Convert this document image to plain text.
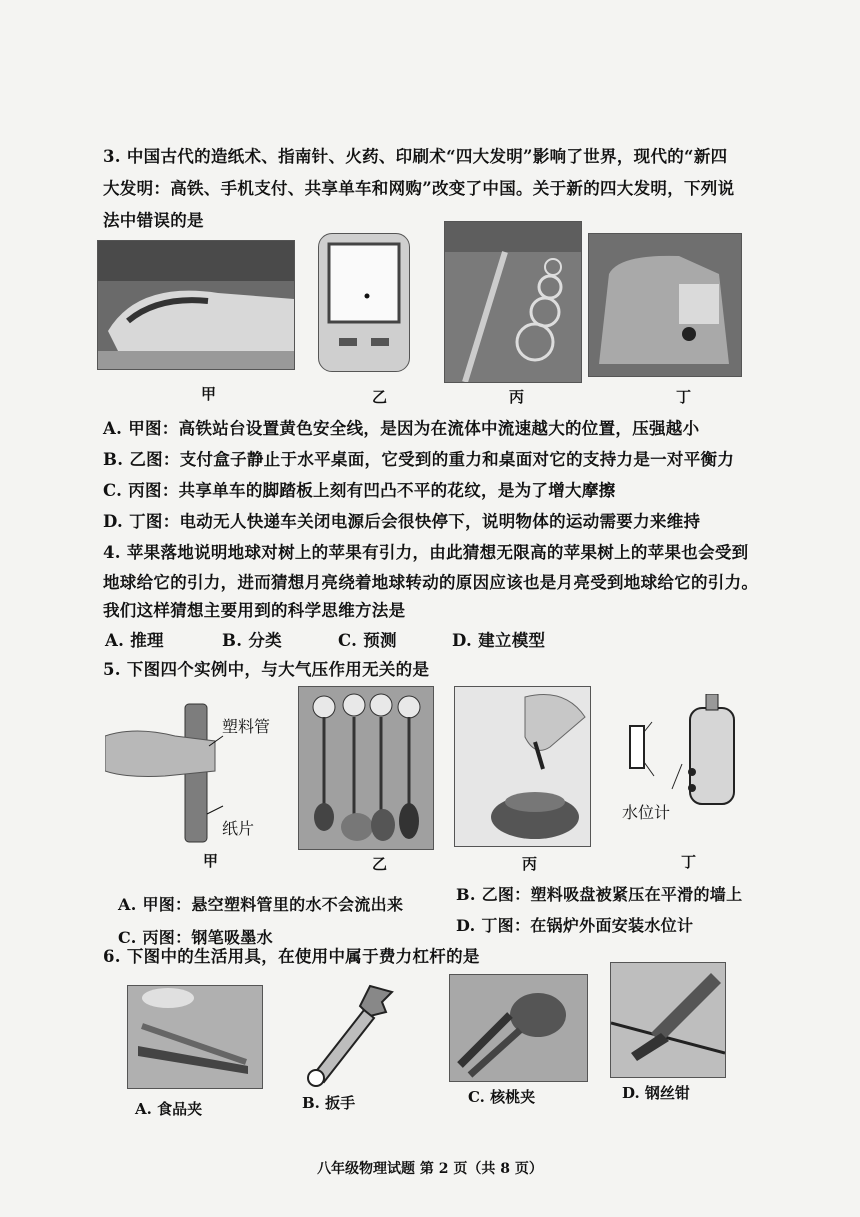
3. 中国古代的造纸术、指南针、火药、印刷术“四大发明”影响了世界，现代的“新四
大发明：高铁、手机支付、共享单车和网购”改变了中国。关于新的四大发明，下列说
法中错误的是
甲	乙	丙	丁
A. 甲图：高铁站台设置黄色安全线，是因为在流体中流速越大的位置，压强越小
B. 乙图：支付盒子静止于水平桌面，它受到的重力和桌面对它的支持力是一对平衡力
C. 丙图：共享单车的脚踏板上刻有凹凸不平的花纹，是为了增大摩擦
D. 丁图：电动无人快递车关闭电源后会很快停下，说明物体的运动需要力来维持
4. 苹果落地说明地球对树上的苹果有引力，由此猜想无限高的苹果树上的苹果也会受到
地球给它的引力，进而猜想月亮绕着地球转动的原因应该也是月亮受到地球给它的引力。
我们这样猜想主要用到的科学思维方法是
A. 推理	B. 分类	C. 预测	D. 建立模型
5. 下图四个实例中，与大气压作用无关的是
塑料管
纸片
水位计
甲	乙	丙	丁
A. 甲图：悬空塑料管里的水不会流出来
B. 乙图：塑料吸盘被紧压在平滑的墙上
C. 丙图：钢笔吸墨水
D. 丁图：在锅炉外面安装水位计
6. 下图中的生活用具，在使用中属于费力杠杆的是
A. 食品夹	B. 扳手	C. 核桃夹	D. 钢丝钳
八年级物理试题 第 2 页（共 8 页）
